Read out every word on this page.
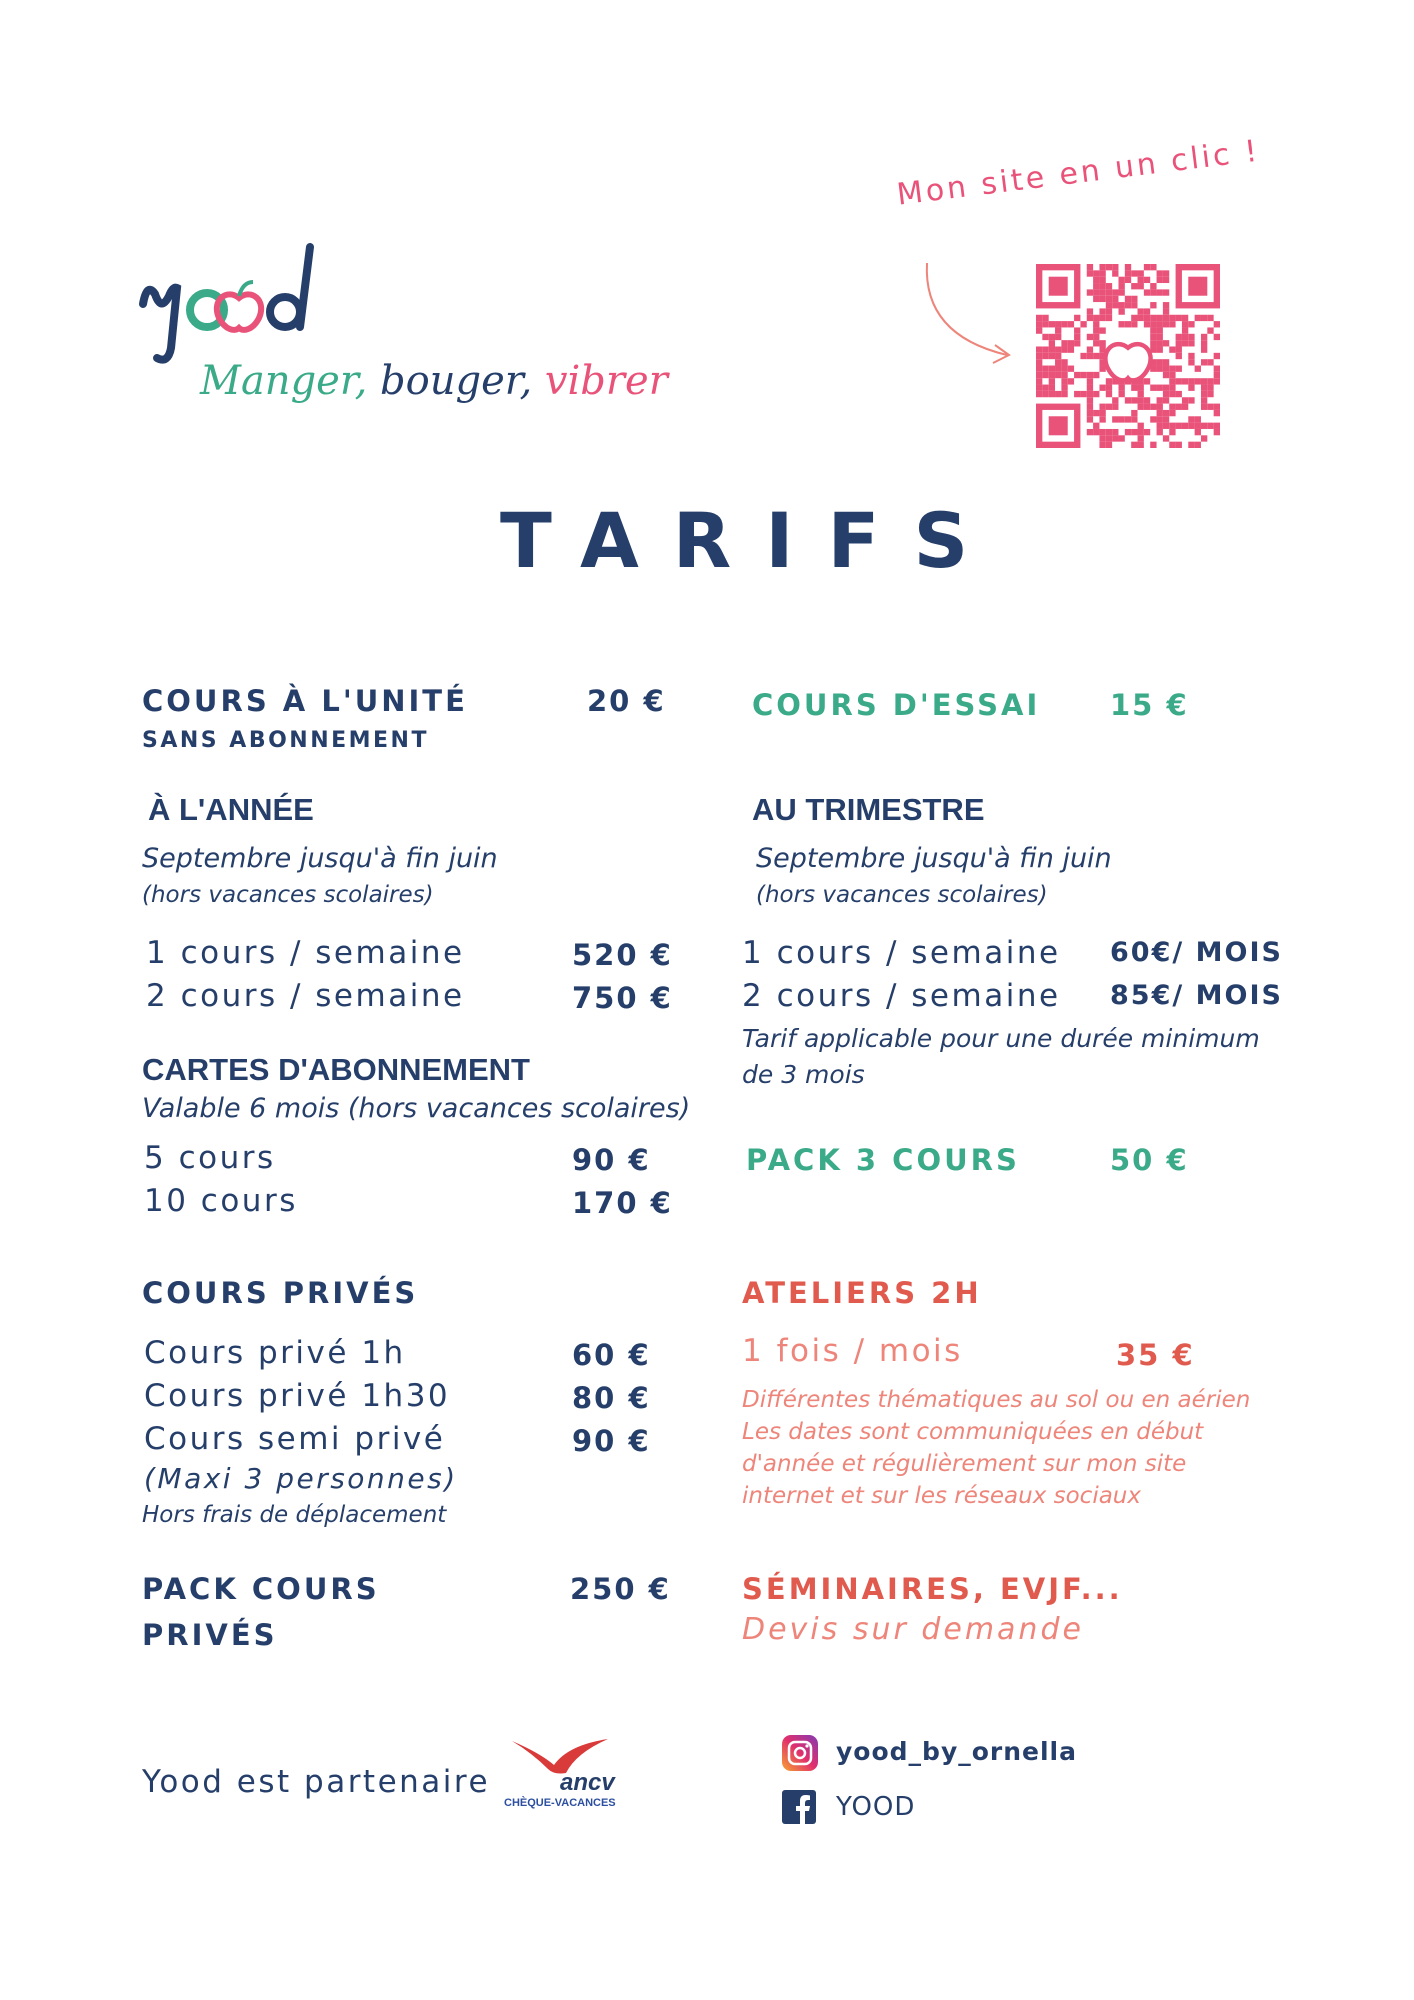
Manger, bouger, vibrer
Mon site en un clic !
TARIFS
COURS À L'UNITÉ	20 €
SANS ABONNEMENT
À L'ANNÉE
Septembre jusqu'à fin juin
(hors vacances scolaires)
1 cours / semaine	520 €
2 cours / semaine	750 €
CARTES D'ABONNEMENT
Valable 6 mois (hors vacances scolaires)
5 cours	90 €
10 cours	170 €
COURS PRIVÉS
Cours privé 1h	60 €
Cours privé 1h30	80 €
Cours semi privé	90 €
(Maxi 3 personnes)
Hors frais de déplacement
PACK COURS
PRIVÉS
250 €
COURS D'ESSAI 15 €
AU TRIMESTRE
Septembre jusqu'à fin juin
(hors vacances scolaires)
1 cours / semaine 60€/ MOIS
2 cours / semaine 85€/ MOIS
Tarif applicable pour une durée minimum
de 3 mois
PACK 3 COURS	50 €
ATELIERS 2H
1 fois / mois	35 €
Différentes thématiques au sol ou en aérien
Les dates sont communiquées en début
d'année et régulièrement sur mon site
internet et sur les réseaux sociaux
SÉMINAIRES, EVJF...
Devis sur demande
Yood est partenaire	ancv
CHÈQUE-VACANCES
yood_by_ornella
YOOD
